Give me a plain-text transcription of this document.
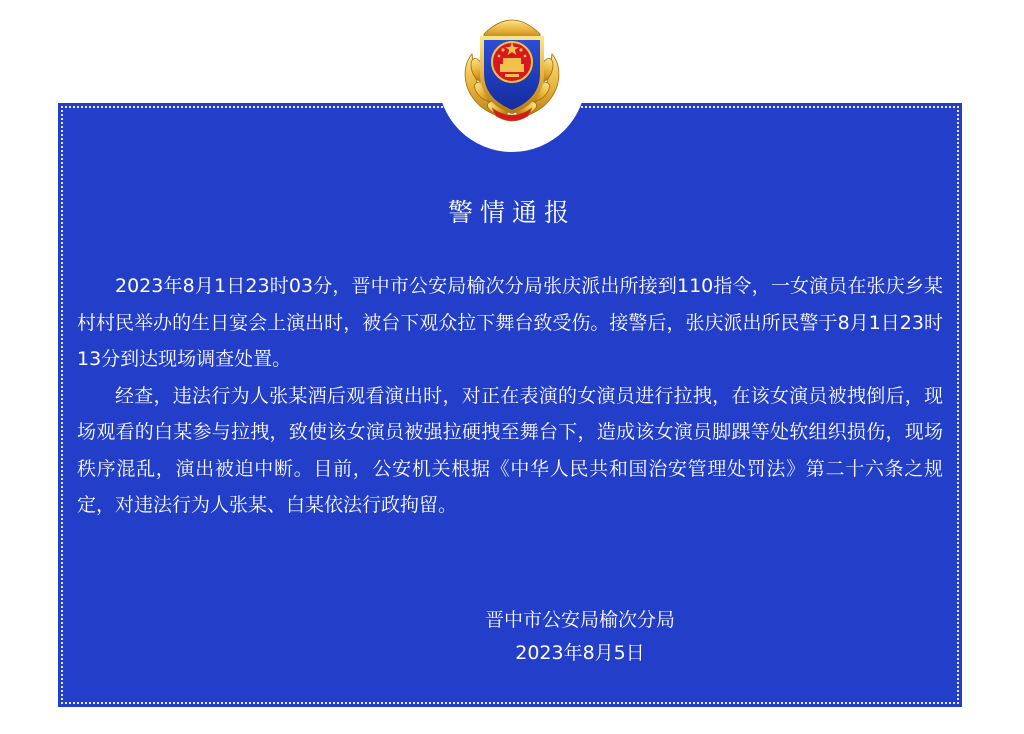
警情通报

2023年8月1日23时03分，晋中市公安局榆次分局张庆派出所接到110指令，一女演员在张庆乡某村村民举办的生日宴会上演出时，被台下观众拉下舞台致受伤。接警后，张庆派出所民警于8月1日23时13分到达现场调查处置。

经查，违法行为人张某酒后观看演出时，对正在表演的女演员进行拉拽，在该女演员被拽倒后，现场观看的白某参与拉拽，致使该女演员被强拉硬拽至舞台下，造成该女演员脚踝等处软组织损伤，现场秩序混乱，演出被迫中断。目前，公安机关根据《中华人民共和国治安管理处罚法》第二十六条之规定，对违法行为人张某、白某依法行政拘留。

晋中市公安局榆次分局
2023年8月5日
